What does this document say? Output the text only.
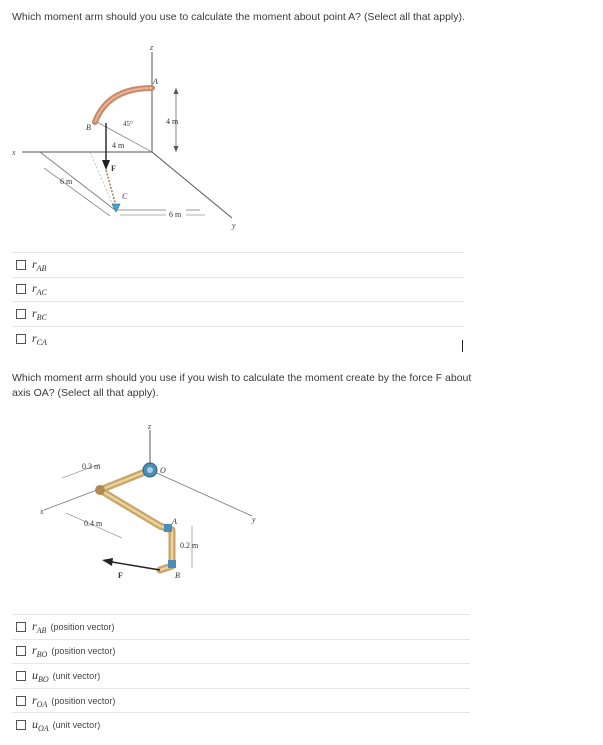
Which moment arm should you use to calculate the moment about point A? (Select all that apply).
z
x
y
4 m
A
B	45°
4 m
F
C
6 m
6 m
$r_{AB}$
$r_{AC}$
$r_{BC}$
$r_{CA}$
Which moment arm should you use if you wish to calculate the moment create by the force F about axis OA? (Select all that apply).
z
x
y
0.3 m
0.4 m
0.2 m
O
A
B
F
$r_{AB}$ (position vector)
$r_{BO}$ (position vector)
$u_{BO}$ (unit vector)
$r_{OA}$ (position vector)
$u_{OA}$ (unit vector)
